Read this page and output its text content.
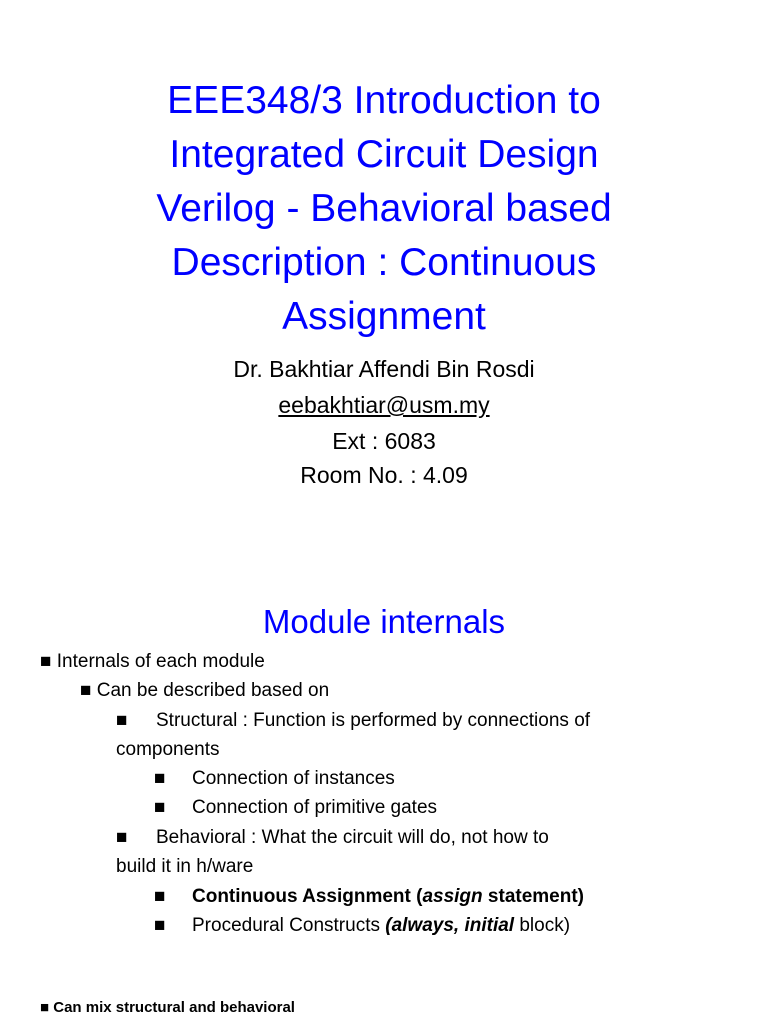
EEE348/3 Introduction to
Integrated Circuit Design
Verilog - Behavioral based
Description : Continuous
Assignment
Dr. Bakhtiar Affendi Bin Rosdi
eebakhtiar@usm.my
Ext : 6083
Room No. : 4.09
Module internals
■ Internals of each module
■ Can be described based on
■ Structural : Function is performed by connections of
components
■ Connection of instances
■ Connection of primitive gates
■ Behavioral : What the circuit will do, not how to
build it in h/ware
■ Continuous Assignment (assign statement)
■ Procedural Constructs (always, initial block)
■ Can mix structural and behavioral
